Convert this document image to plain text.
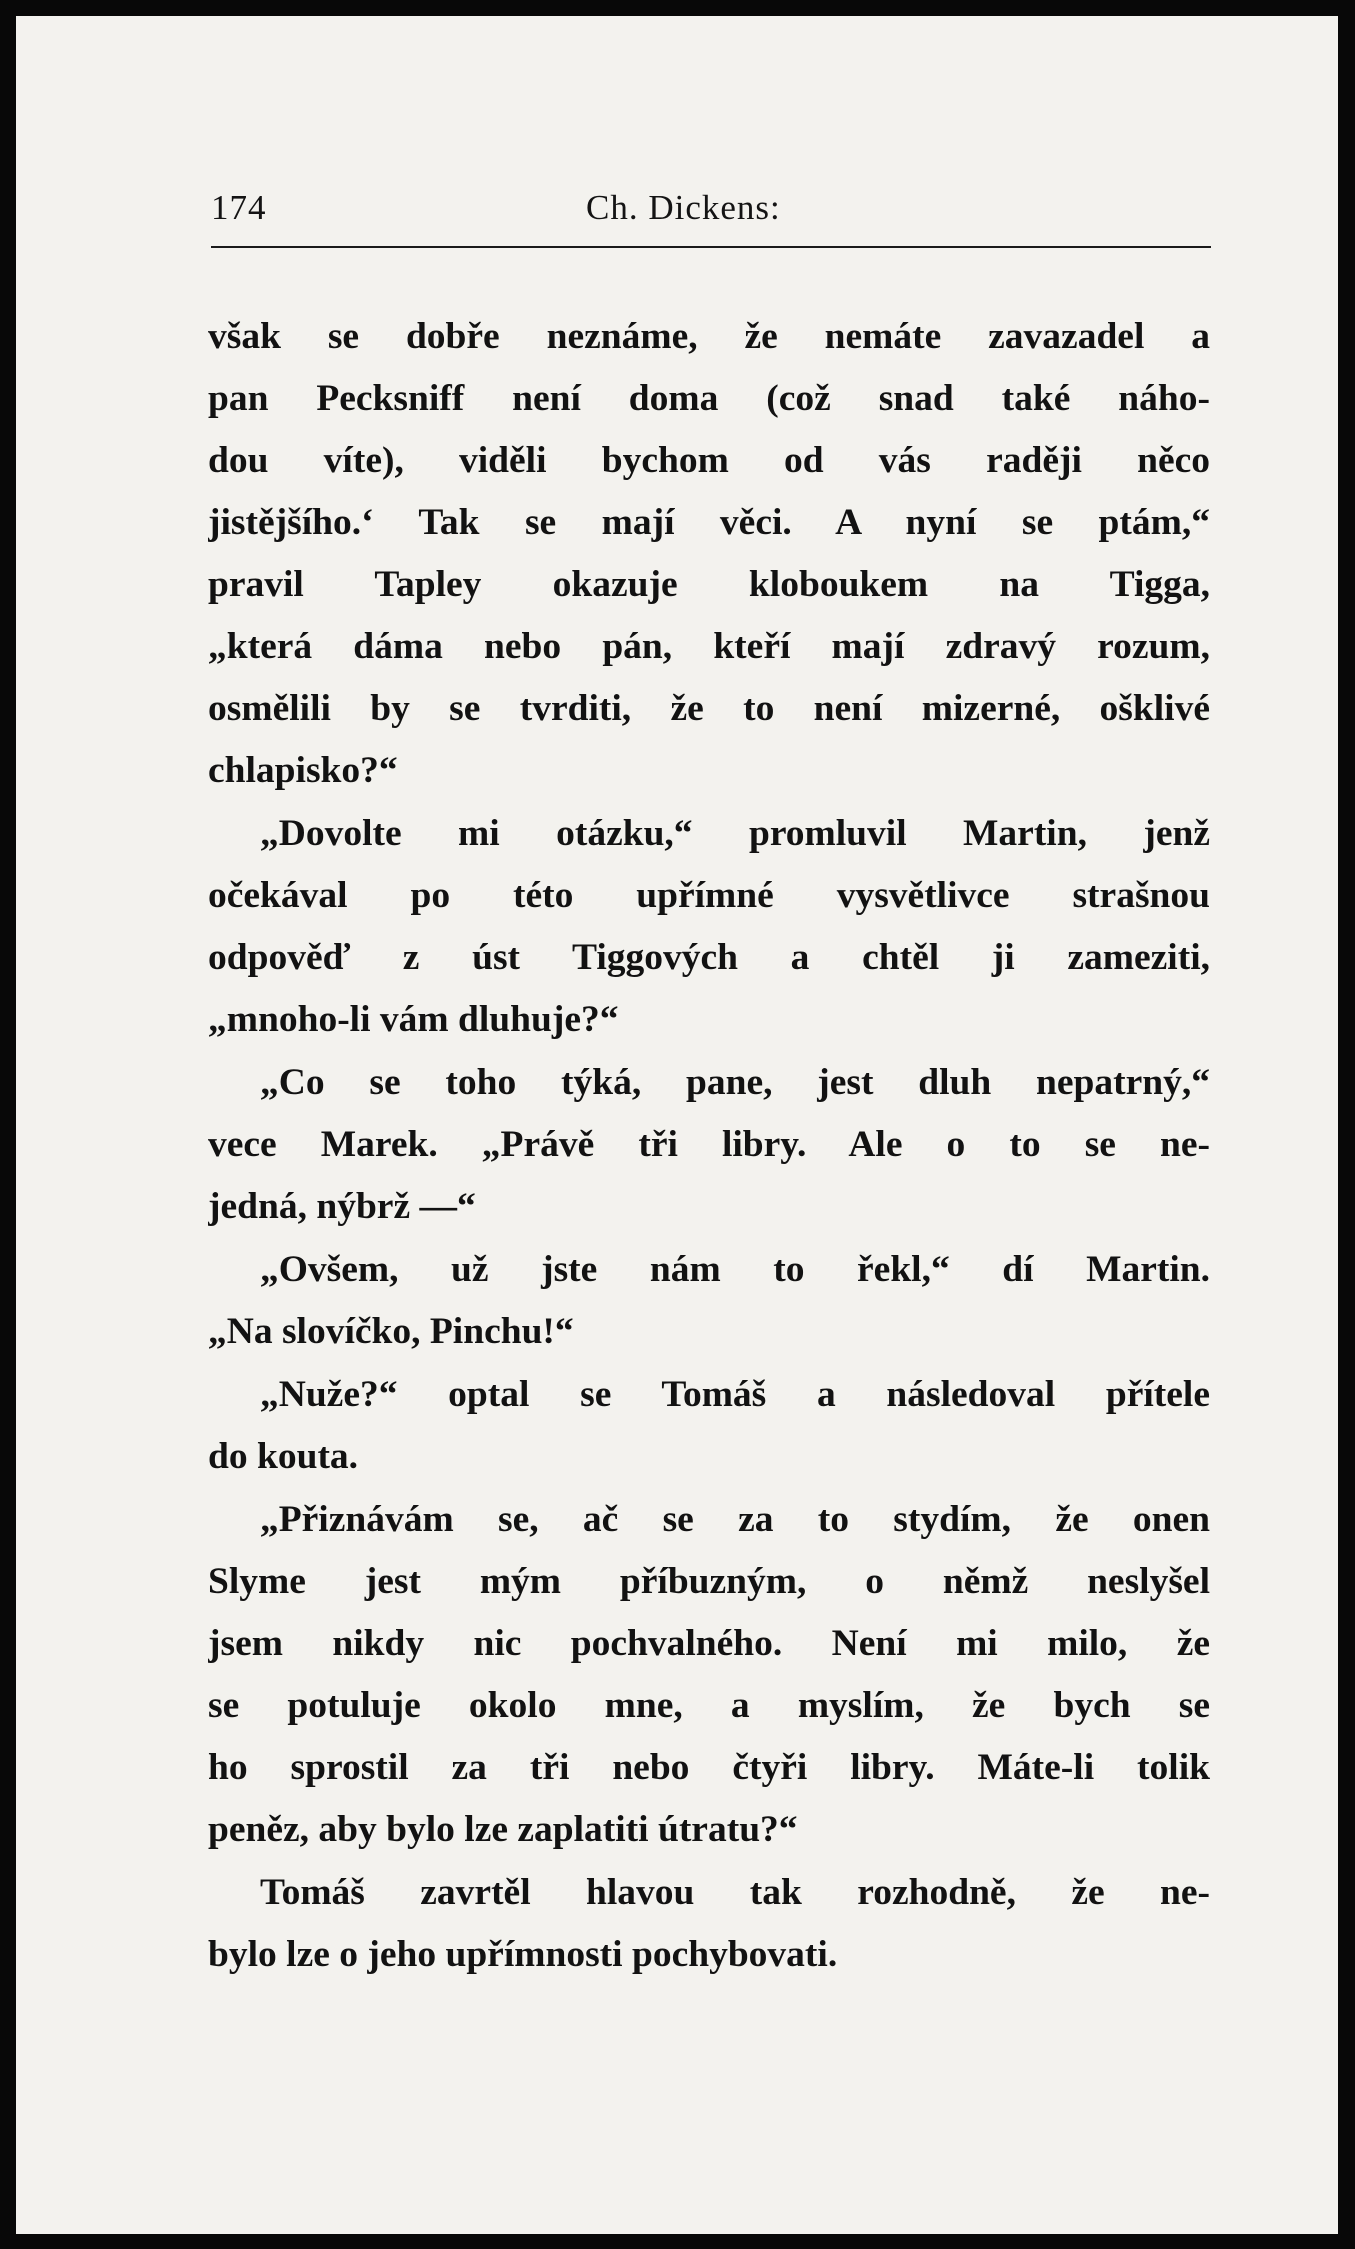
174	Ch. Dickens:
však se dobře neznáme, že nemáte zavazadel a
pan Pecksniff není doma (což snad také náho-
dou víte), viděli bychom od vás raději něco
jistějšího.‘ Tak se mají věci. A nyní se ptám,“
pravil Tapley okazuje kloboukem na Tigga,
„která dáma nebo pán, kteří mají zdravý rozum,
osmělili by se tvrditi, že to není mizerné, ošklivé
chlapisko?“
„Dovolte mi otázku,“ promluvil Martin, jenž
očekával po této upřímné vysvětlivce strašnou
odpověď z úst Tiggových a chtěl ji zameziti,
„mnoho-li vám dluhuje?“
„Co se toho týká, pane, jest dluh nepatrný,“
vece Marek. „Právě tři libry. Ale o to se ne-
jedná, nýbrž —“
„Ovšem, už jste nám to řekl,“ dí Martin.
„Na slovíčko, Pinchu!“
„Nuže?“ optal se Tomáš a následoval přítele
do kouta.
„Přiznávám se, ač se za to stydím, že onen
Slyme jest mým příbuzným, o němž neslyšel
jsem nikdy nic pochvalného. Není mi milo, že
se potuluje okolo mne, a myslím, že bych se
ho sprostil za tři nebo čtyři libry. Máte-li tolik
peněz, aby bylo lze zaplatiti útratu?“
Tomáš zavrtěl hlavou tak rozhodně, že ne-
bylo lze o jeho upřímnosti pochybovati.
